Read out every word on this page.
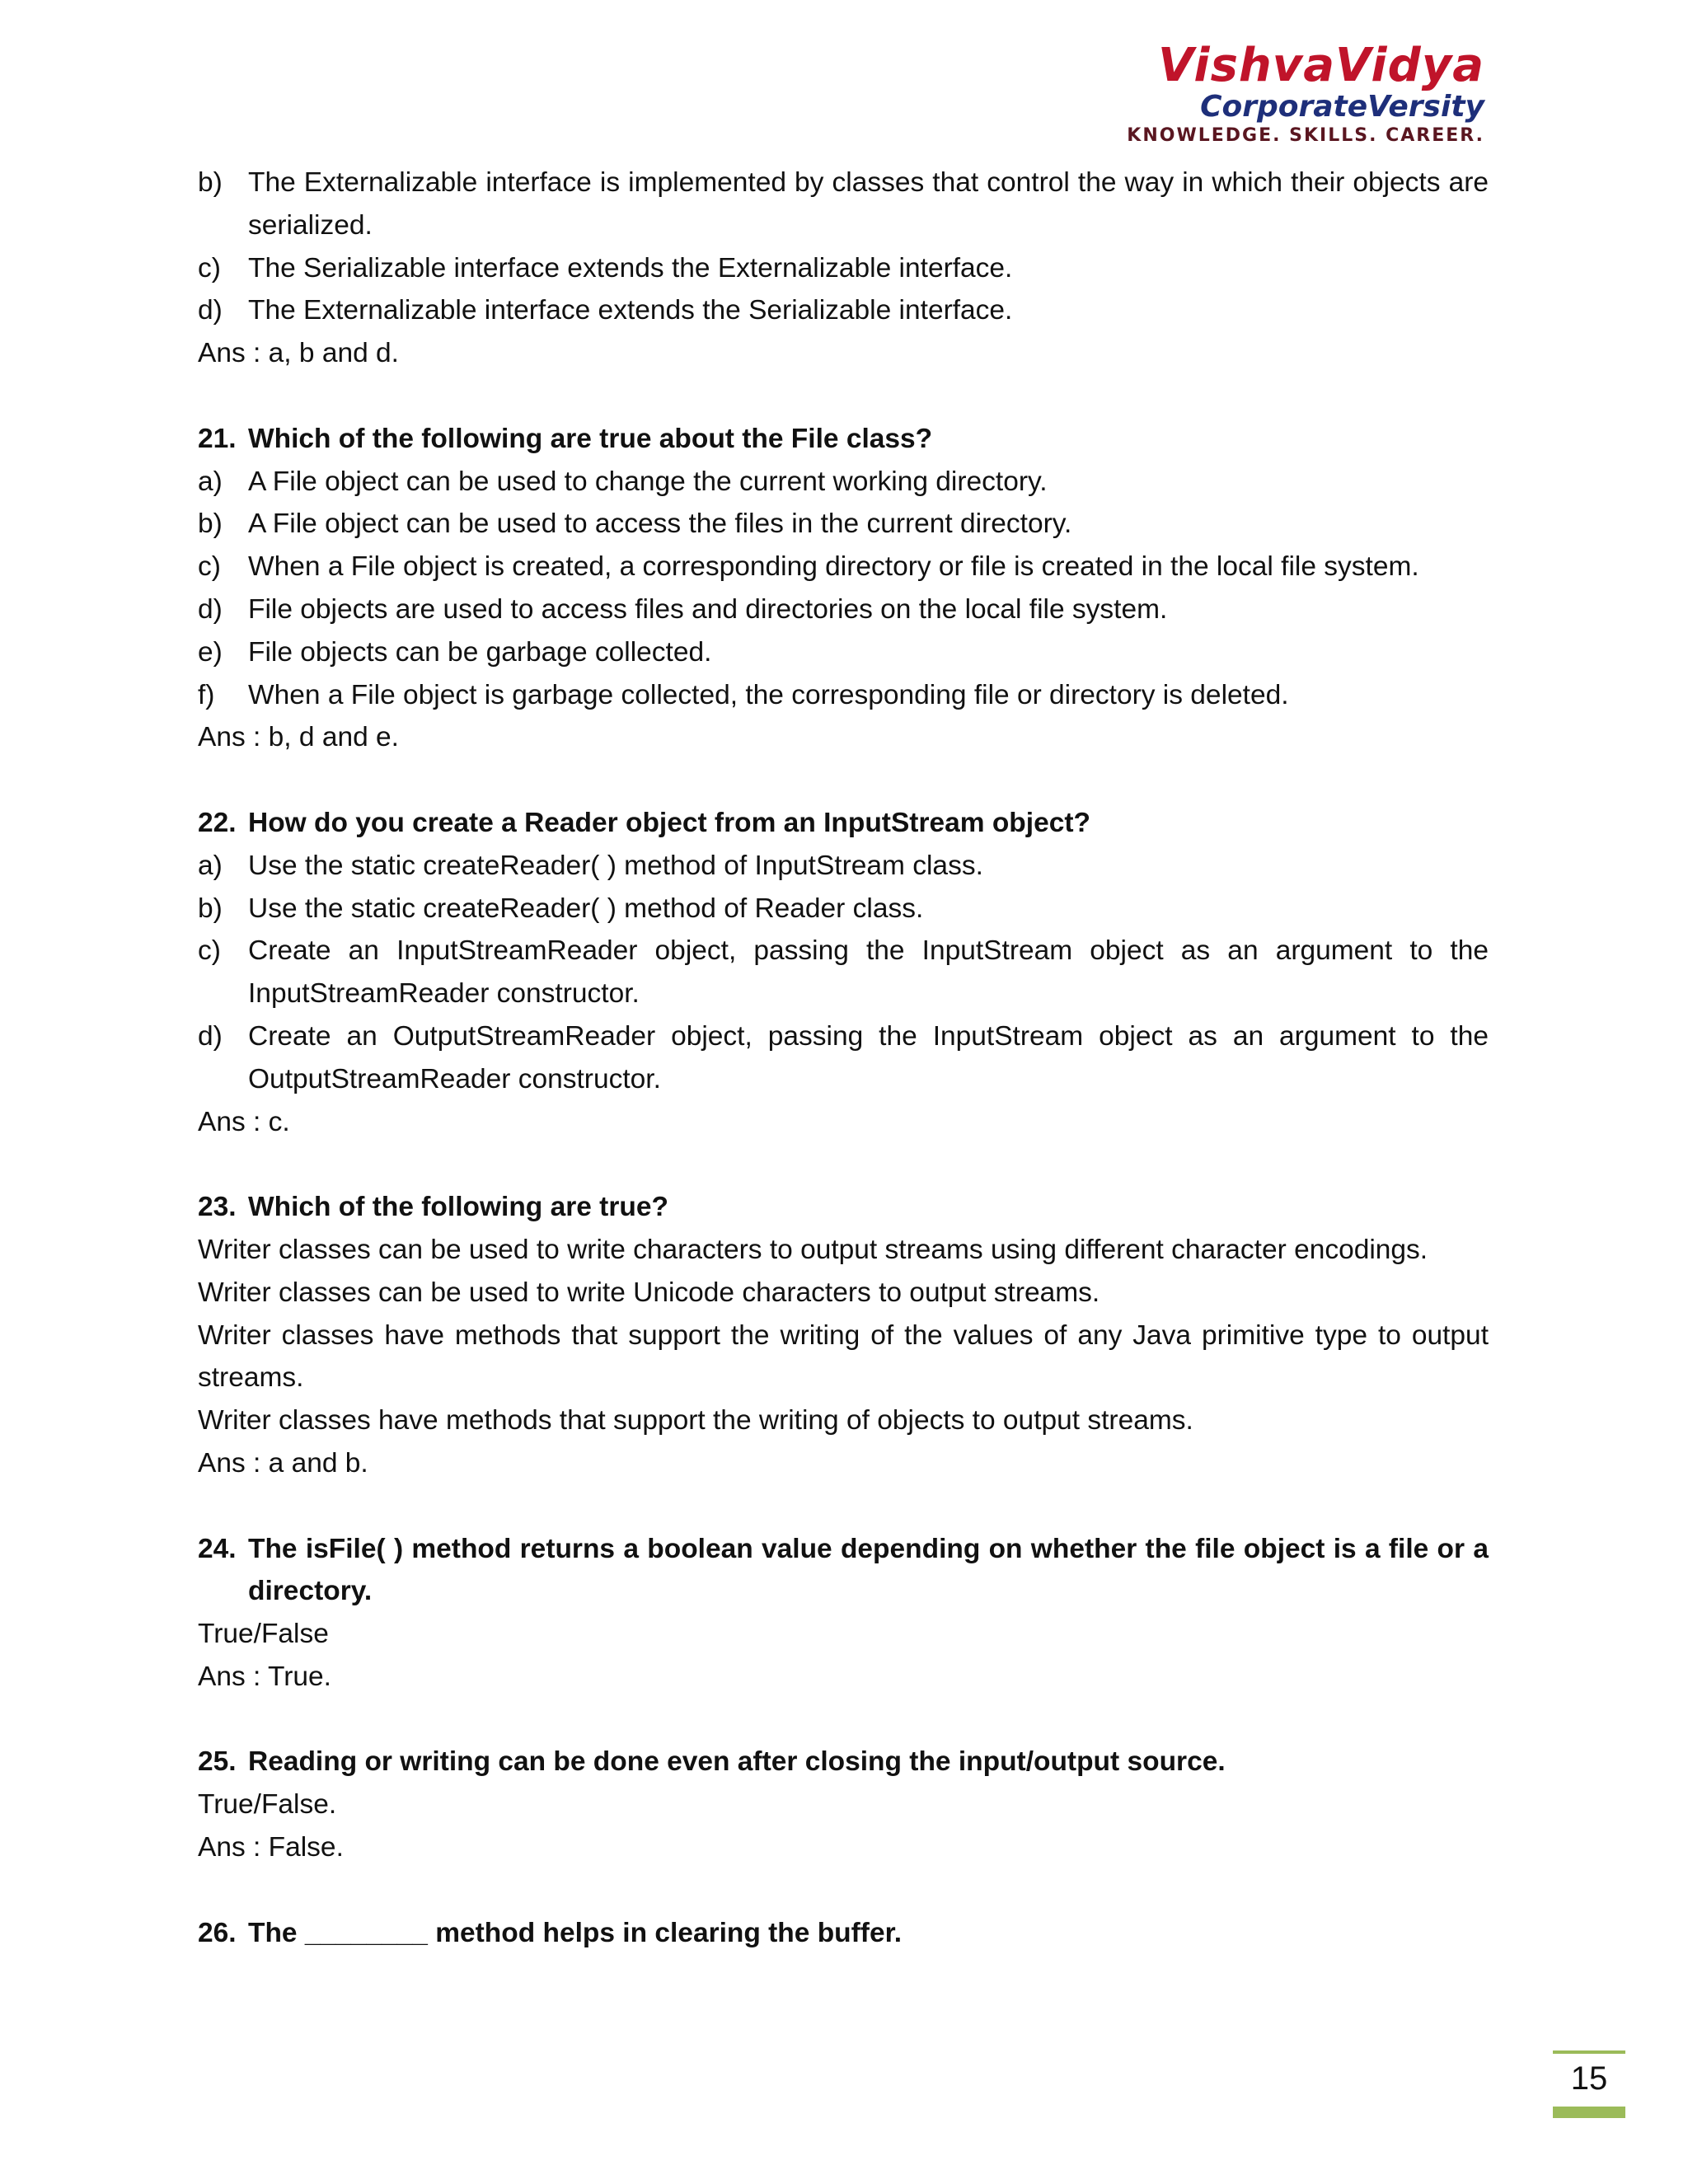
VishvaVidya
CorporateVersity
KNOWLEDGE. SKILLS. CAREER.
b) The Externalizable interface is implemented by classes that control the way in which their objects are serialized.
c) The Serializable interface extends the Externalizable interface.
d) The Externalizable interface extends the Serializable interface.
Ans : a, b and d.
21. Which of the following are true about the File class?
a) A File object can be used to change the current working directory.
b) A File object can be used to access the files in the current directory.
c) When a File object is created, a corresponding directory or file is created in the local file system.
d) File objects are used to access files and directories on the local file system.
e) File objects can be garbage collected.
f)	When a File object is garbage collected, the corresponding file or directory is deleted.
Ans : b, d and e.
22. How do you create a Reader object from an InputStream object?
a) Use the static createReader( ) method of InputStream class.
b) Use the static createReader( ) method of Reader class.
c) Create an InputStreamReader object, passing the InputStream object as an argument to the InputStreamReader constructor.
d) Create an OutputStreamReader object, passing the InputStream object as an argument to the OutputStreamReader constructor.
Ans : c.
23. Which of the following are true?
Writer classes can be used to write characters to output streams using different character encodings.
Writer classes can be used to write Unicode characters to output streams.
Writer classes have methods that support the writing of the values of any Java primitive type to output streams.
Writer classes have methods that support the writing of objects to output streams.
Ans : a and b.
24. The isFile( ) method returns a boolean value depending on whether the file object is a file or a directory.
True/False
Ans : True.
25. Reading or writing can be done even after closing the input/output source.
True/False.
Ans : False.
26. The ________ method helps in clearing the buffer.
15
